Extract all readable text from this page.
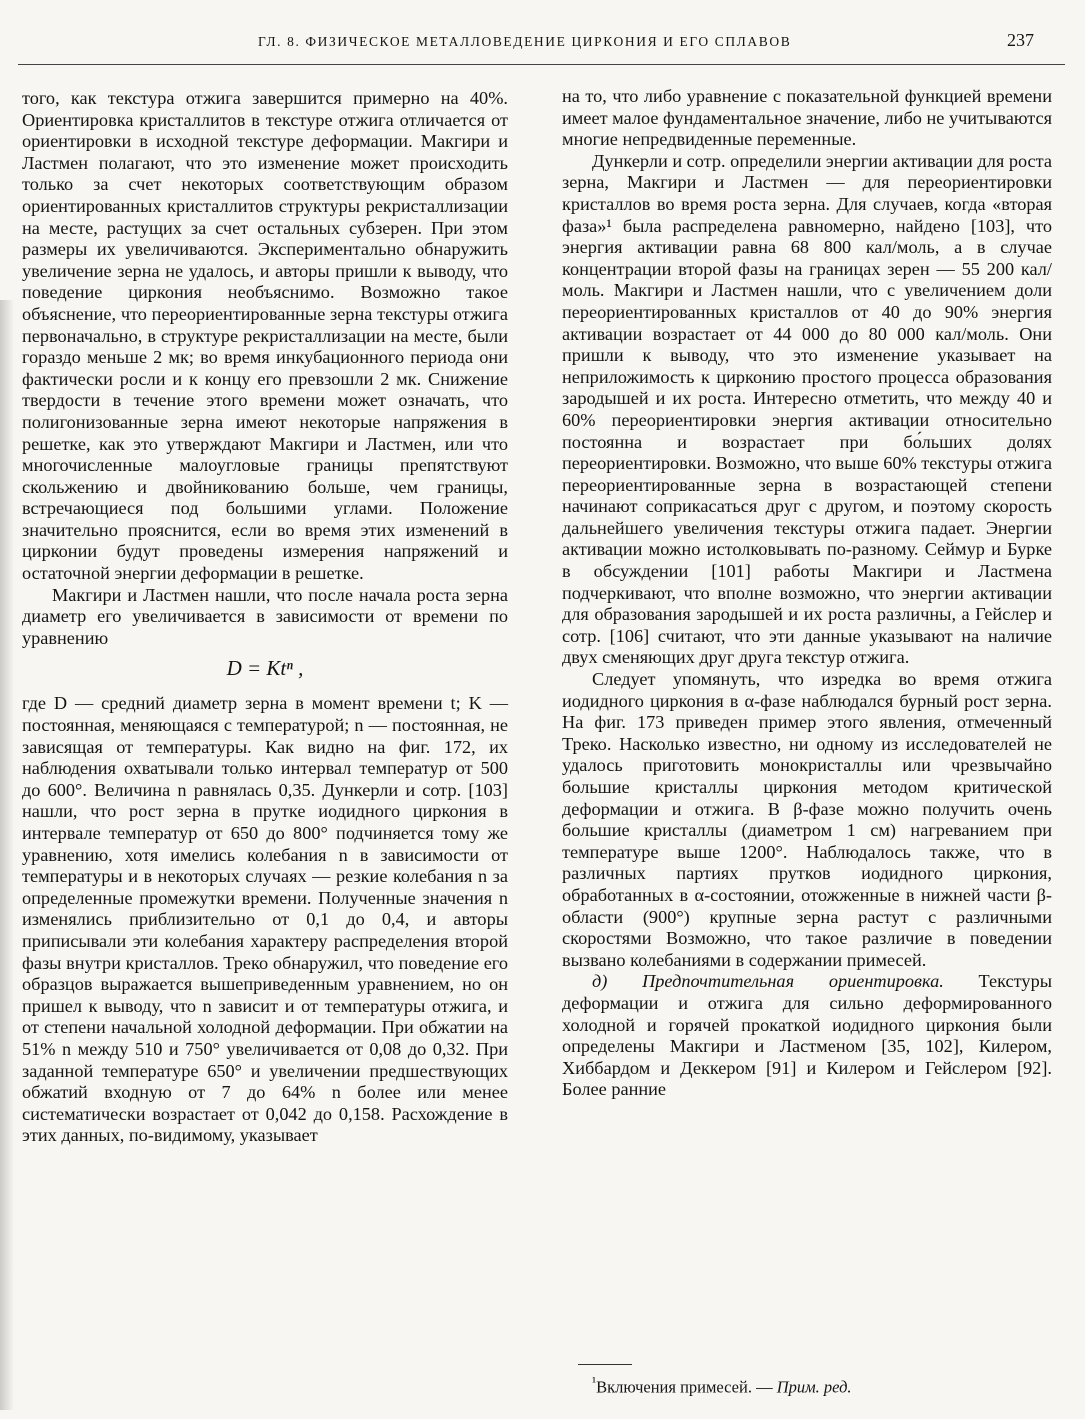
ГЛ. 8. ФИЗИЧЕСКОЕ МЕТАЛЛОВЕДЕНИЕ ЦИРКОНИЯ И ЕГО СПЛАВОВ	237

того, как текстура отжига завершится примерно на 40%. Ориентировка кристаллитов в текстуре отжига отличается от ориентировки в исходной текстуре деформации. Макгири и Ластмен полагают, что это изменение может происходить только за счет некоторых соответствующим образом ориентированных кристаллитов структуры рекристаллизации на месте, растущих за счет остальных субзерен. При этом размеры их увеличиваются. Экспериментально обнаружить увеличение зерна не удалось, и авторы пришли к выводу, что поведение циркония необъяснимо. Возможно такое объяснение, что переориентированные зерна текстуры отжига первоначально, в структуре рекристаллизации на месте, были гораздо меньше 2 мк; во время инкубационного периода они фактически росли и к концу его превзошли 2 мк. Снижение твердости в течение этого времени может означать, что полигонизованные зерна имеют некоторые напряжения в решетке, как это утверждают Макгири и Ластмен, или что многочисленные малоугловые границы препятствуют скольжению и двойникованию больше, чем границы, встречающиеся под большими углами. Положение значительно прояснится, если во время этих изменений в цирконии будут проведены измерения напряжений и остаточной энергии деформации в решетке.

Макгири и Ластмен нашли, что после начала роста зерна диаметр его увеличивается в зависимости от времени по уравнению

D = Ktⁿ ,

где D — средний диаметр зерна в момент времени t; K — постоянная, меняющаяся с температурой; n — постоянная, не зависящая от температуры. Как видно на фиг. 172, их наблюдения охватывали только интервал температур от 500 до 600°. Величина n равнялась 0,35. Дункерли и сотр. [103] нашли, что рост зерна в прутке иодидного циркония в интервале температур от 650 до 800° подчиняется тому же уравнению, хотя имелись колебания n в зависимости от температуры и в некоторых случаях — резкие колебания n за определенные промежутки времени. Полученные значения n изменялись приблизительно от 0,1 до 0,4, и авторы приписывали эти колебания характеру распределения второй фазы внутри кристаллов. Треко обнаружил, что поведение его образцов выражается вышеприведенным уравнением, но он пришел к выводу, что n зависит и от температуры отжига, и от степени начальной холодной деформации. При обжатии на 51% n между 510 и 750° увеличивается от 0,08 до 0,32. При заданной температуре 650° и увеличении предшествующих обжатий входную от 7 до 64% n более или менее систематически возрастает от 0,042 до 0,158. Расхождение в этих данных, по-видимому, указывает

на то, что либо уравнение с показательной функцией времени имеет малое фундаментальное значение, либо не учитываются многие непредвиденные переменные.

Дункерли и сотр. определили энергии активации для роста зерна, Макгири и Ластмен — для переориентировки кристаллов во время роста зерна. Для случаев, когда «вторая фаза»¹ была распределена равномерно, найдено [103], что энергия активации равна 68 800 кал/моль, а в случае концентрации второй фазы на границах зерен — 55 200 кал/моль. Макгири и Ластмен нашли, что с увеличением доли переориентированных кристаллов от 40 до 90% энергия активации возрастает от 44 000 до 80 000 кал/моль. Они пришли к выводу, что это изменение указывает на неприложимость к цирконию простого процесса образования зародышей и их роста. Интересно отметить, что между 40 и 60% переориентировки энергия активации относительно постоянна и возрастает при бо́льших долях переориентировки. Возможно, что выше 60% текстуры отжига переориентированные зерна в возрастающей степени начинают соприкасаться друг с другом, и поэтому скорость дальнейшего увеличения текстуры отжига падает. Энергии активации можно истолковывать по-разному. Сеймур и Бурке в обсуждении [101] работы Макгири и Ластмена подчеркивают, что вполне возможно, что энергии активации для образования зародышей и их роста различны, а Гейслер и сотр. [106] считают, что эти данные указывают на наличие двух сменяющих друг друга текстур отжига.

Следует упомянуть, что изредка во время отжига иодидного циркония в α-фазе наблюдался бурный рост зерна. На фиг. 173 приведен пример этого явления, отмеченный Треко. Насколько известно, ни одному из исследователей не удалось приготовить монокристаллы или чрезвычайно большие кристаллы циркония методом критической деформации и отжига. В β-фазе можно получить очень большие кристаллы (диаметром 1 см) нагреванием при температуре выше 1200°. Наблюдалось также, что в различных партиях прутков иодидного циркония, обработанных в α-состоянии, отожженные в нижней части β-области (900°) крупные зерна растут с различными скоростями Возможно, что такое различие в поведении вызвано колебаниями в содержании примесей.

д) Предпочтительная ориентировка. Текстуры деформации и отжига для сильно деформированного холодной и горячей прокаткой иодидного циркония были определены Макгири и Ластменом [35, 102], Килером, Хиббардом и Деккером [91] и Килером и Гейслером [92]. Более ранние

$^{^1}$Включения примесей. — Прим. ред.
